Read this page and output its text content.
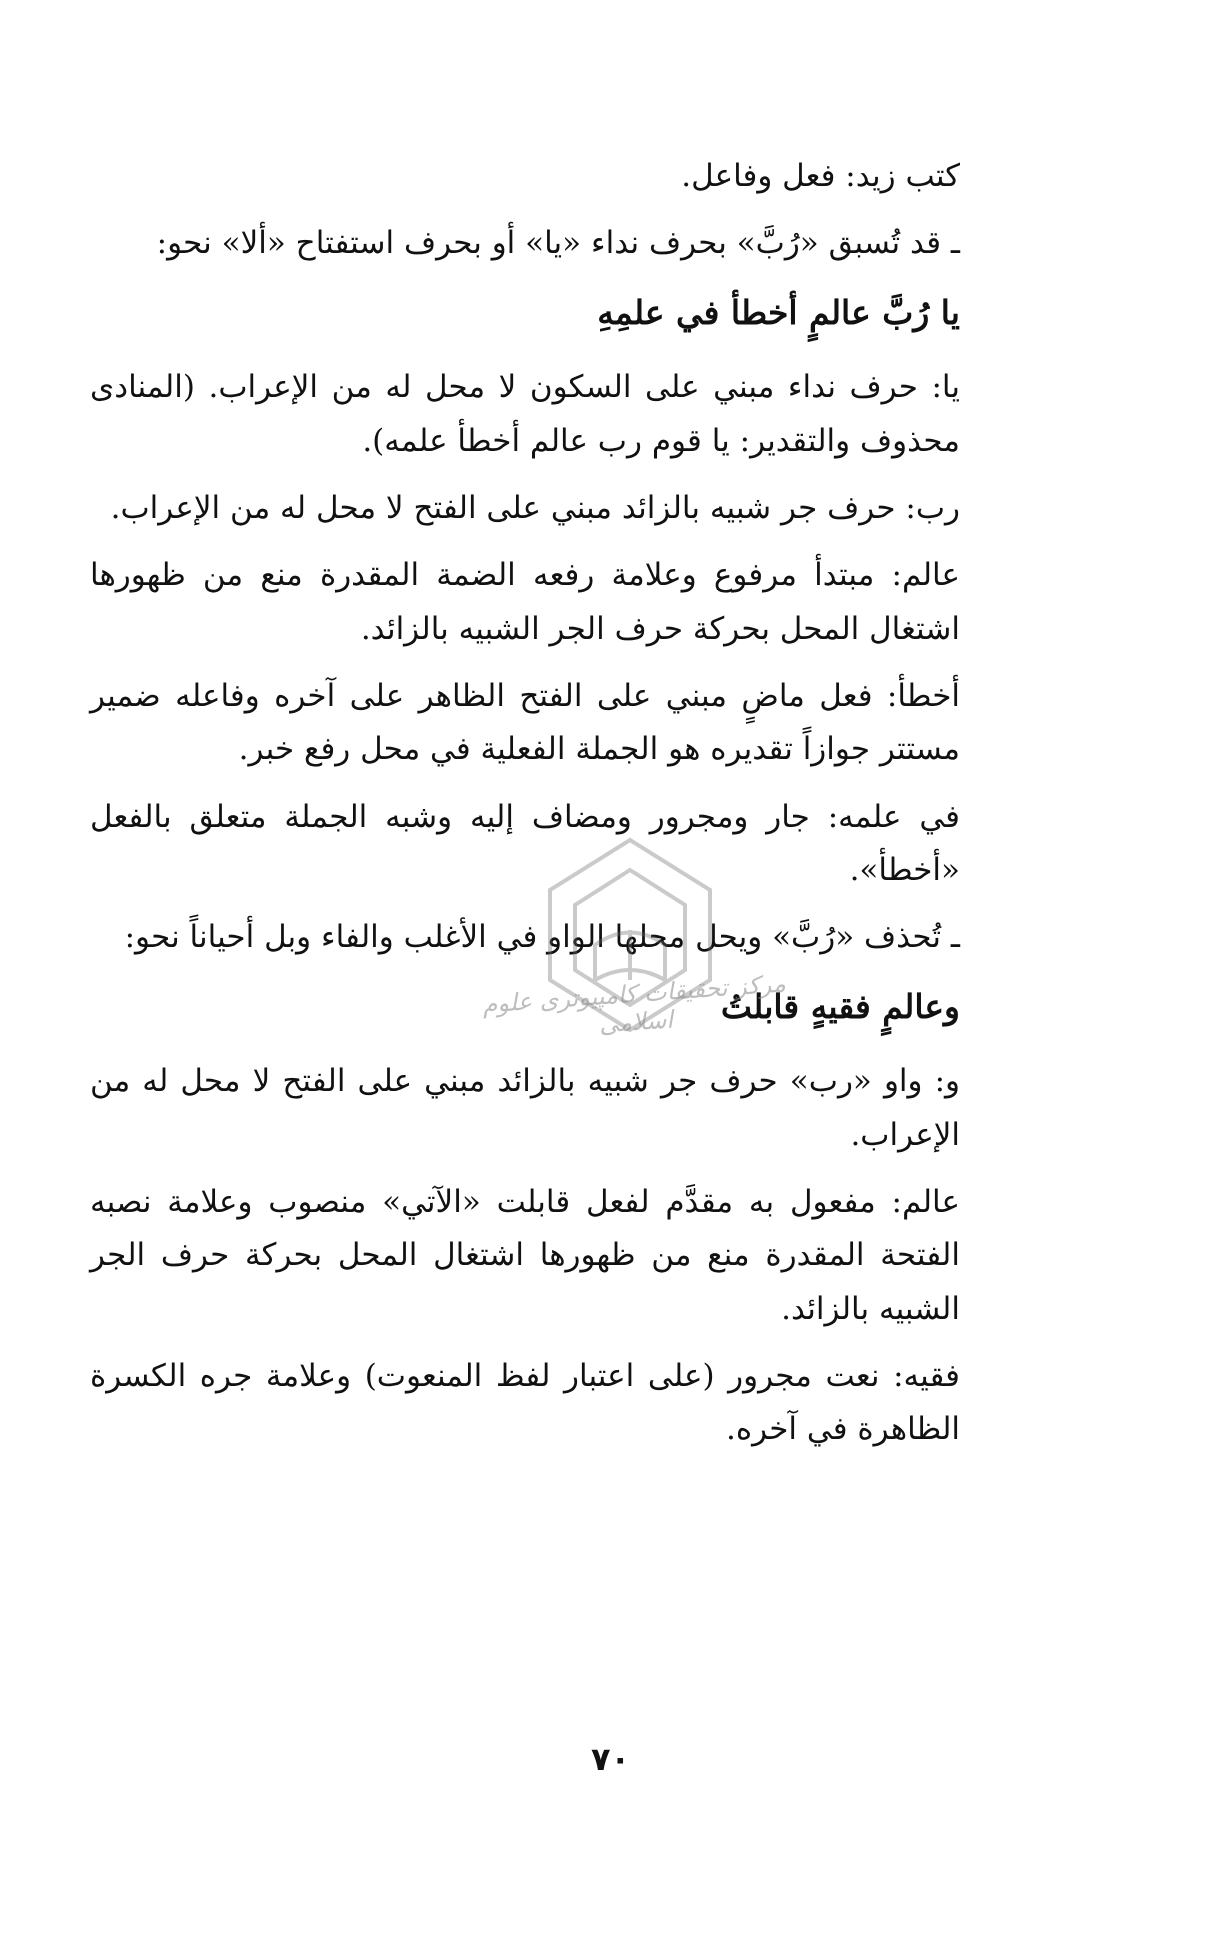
كتب زيد: فعل وفاعل.

ـ قد تُسبق «رُبَّ» بحرف نداء «يا» أو بحرف استفتاح «ألا» نحو:

يا رُبَّ عالمٍ أخطأ في علمِهِ

يا: حرف نداء مبني على السكون لا محل له من الإعراب. (المنادى محذوف والتقدير: يا قوم رب عالم أخطأ علمه).

رب: حرف جر شبيه بالزائد مبني على الفتح لا محل له من الإعراب.

عالم: مبتدأ مرفوع وعلامة رفعه الضمة المقدرة منع من ظهورها اشتغال المحل بحركة حرف الجر الشبيه بالزائد.

أخطأ: فعل ماضٍ مبني على الفتح الظاهر على آخره وفاعله ضمير مستتر جوازاً تقديره هو الجملة الفعلية في محل رفع خبر.

في علمه: جار ومجرور ومضاف إليه وشبه الجملة متعلق بالفعل «أخطأ».

ـ تُحذف «رُبَّ» ويحل محلها الواو في الأغلب والفاء وبل أحياناً نحو:

وعالمٍ فقيهٍ قابلتُ

و: واو «رب» حرف جر شبيه بالزائد مبني على الفتح لا محل له من الإعراب.

عالم: مفعول به مقدَّم لفعل قابلت «الآتي» منصوب وعلامة نصبه الفتحة المقدرة منع من ظهورها اشتغال المحل بحركة حرف الجر الشبيه بالزائد.

فقيه: نعت مجرور (على اعتبار لفظ المنعوت) وعلامة جره الكسرة الظاهرة في آخره.

مركز تحقيقات كامپيوتری علوم اسلامی
٧٠
